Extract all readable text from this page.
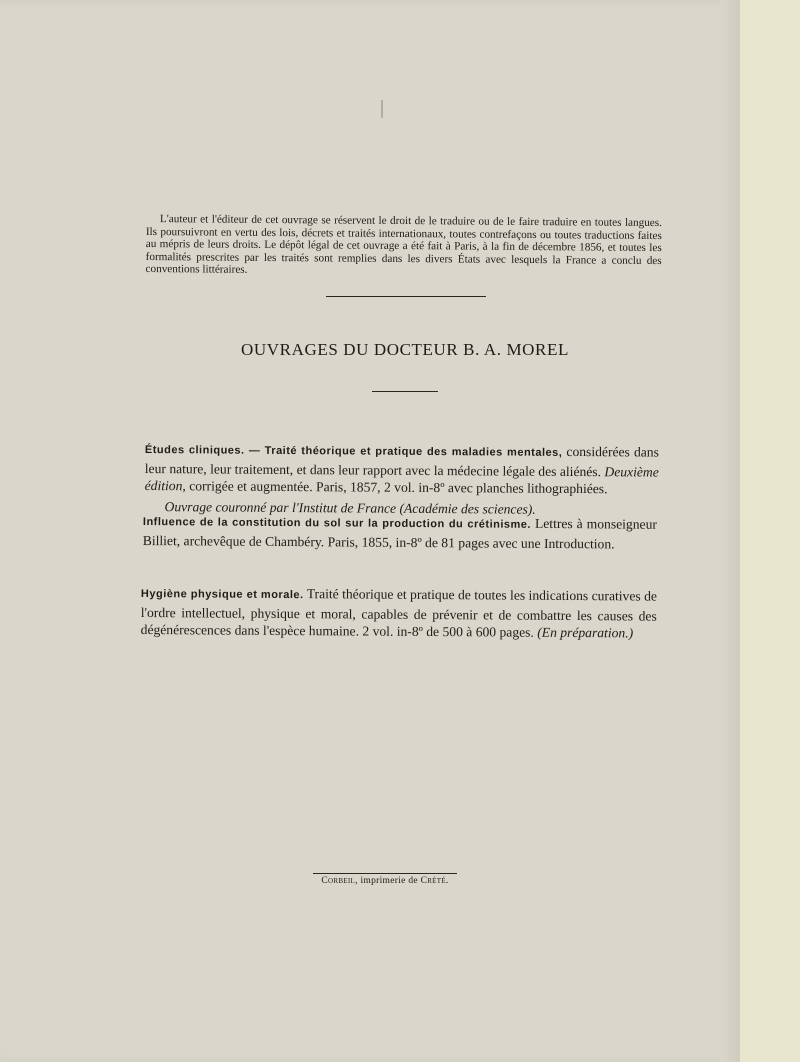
L'auteur et l'éditeur de cet ouvrage se réservent le droit de le traduire ou de le faire traduire en toutes langues. Ils poursuivront en vertu des lois, décrets et traités internationaux, toutes contrefaçons ou toutes traductions faites au mépris de leurs droits. Le dépôt légal de cet ouvrage a été fait à Paris, à la fin de décembre 1856, et toutes les formalités prescrites par les traités sont remplies dans les divers États avec lesquels la France a conclu des conventions littéraires.

OUVRAGES DU DOCTEUR B. A. MOREL
Études cliniques. — Traité théorique et pratique des maladies mentales, considérées dans leur nature, leur traitement, et dans leur rapport avec la médecine légale des aliénés. Deuxième édition, corrigée et augmentée. Paris, 1857, 2 vol. in-8º avec planches lithographiées.
Ouvrage couronné par l'Institut de France (Académie des sciences).
Influence de la constitution du sol sur la production du crétinisme. Lettres à monseigneur Billiet, archevêque de Chambéry. Paris, 1855, in-8º de 81 pages avec une Introduction.
Hygiène physique et morale. Traité théorique et pratique de toutes les indications curatives de l'ordre intellectuel, physique et moral, capables de prévenir et de combattre les causes des dégénérescences dans l'espèce humaine. 2 vol. in-8º de 500 à 600 pages. (En préparation.)
Corbeil, imprimerie de Crété.
